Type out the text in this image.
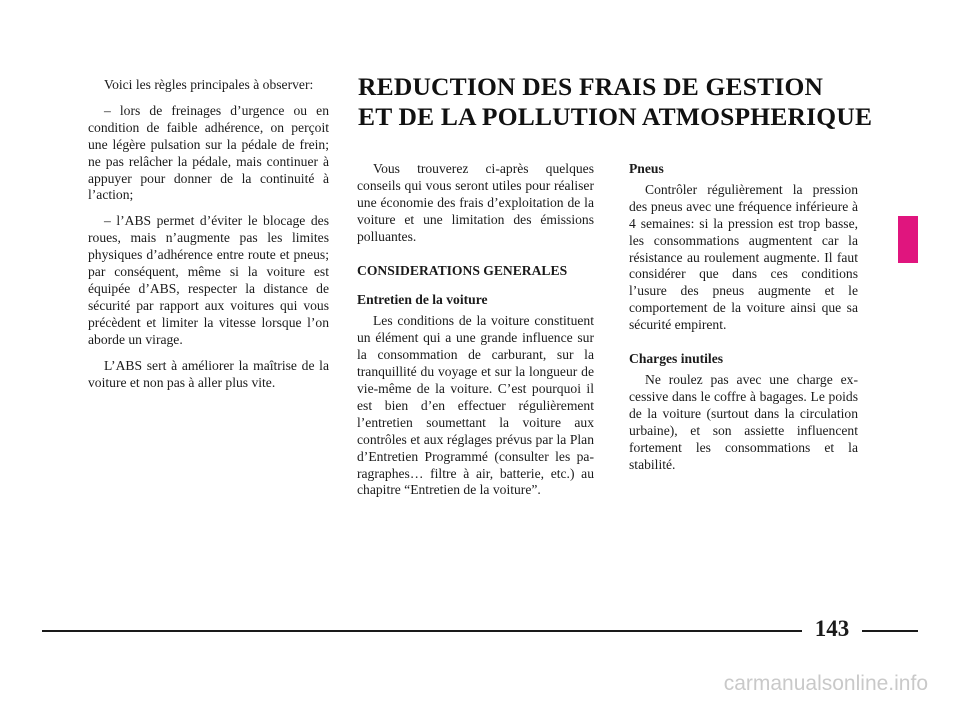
Voici les règles principales à observer:

– lors de freinages d’urgence ou en condition de faible adhérence, on perçoit une légère pulsation sur la pédale de frein; ne pas relâcher la pédale, mais continuer à appuyer pour donner de la continuité à l’action;

– l’ABS permet d’éviter le blocage des roues, mais n’augmente pas les limites physiques d’adhérence entre route et pneus; par conséquent, même si la voiture est équipée d’ABS, respecter la distance de sécurité par rapport aux voitures qui vous précèdent et limiter la vitesse lorsque l’on aborde un virage.

L’ABS sert à améliorer la maîtrise de la voiture et non pas à aller plus vite.

REDUCTION DES FRAIS DE GESTION
ET DE LA POLLUTION ATMOSPHERIQUE

Vous trouverez ci-après quelques conseils qui vous seront utiles pour réaliser une économie des frais d’exploitation de la voiture et une limitation des émissions polluantes.

CONSIDERATIONS GENERALES
Entretien de la voiture

Les conditions de la voiture constituent un élément qui a une grande influence sur la consommation de carburant, sur la tranquillité du voyage et sur la longueur de vie-même de la voiture. C’est pourquoi il est bien d’en effectuer régulièrement l’entretien soumettant la voiture aux contrôles et aux réglages prévus par la Plan d’Entretien Programmé (consulter les paragraphes… filtre à air, batterie, etc.) au chapitre “Entretien de la voiture”.

Pneus

Contrôler régulièrement la pression des pneus avec une fréquence inférieure à 4 semaines: si la pression est trop basse, les consommations augmentent car la résistance au roulement augmente. Il faut considérer que dans ces conditions l’usure des pneus augmente et le comportement de la voiture ainsi que sa sécurité empirent.

Charges inutiles

Ne roulez pas avec une charge excessive dans le coffre à bagages. Le poids de la voiture (surtout dans la circulation urbaine), et son assiette influencent fortement les consommations et la stabilité.

143
carmanualsonline.info
